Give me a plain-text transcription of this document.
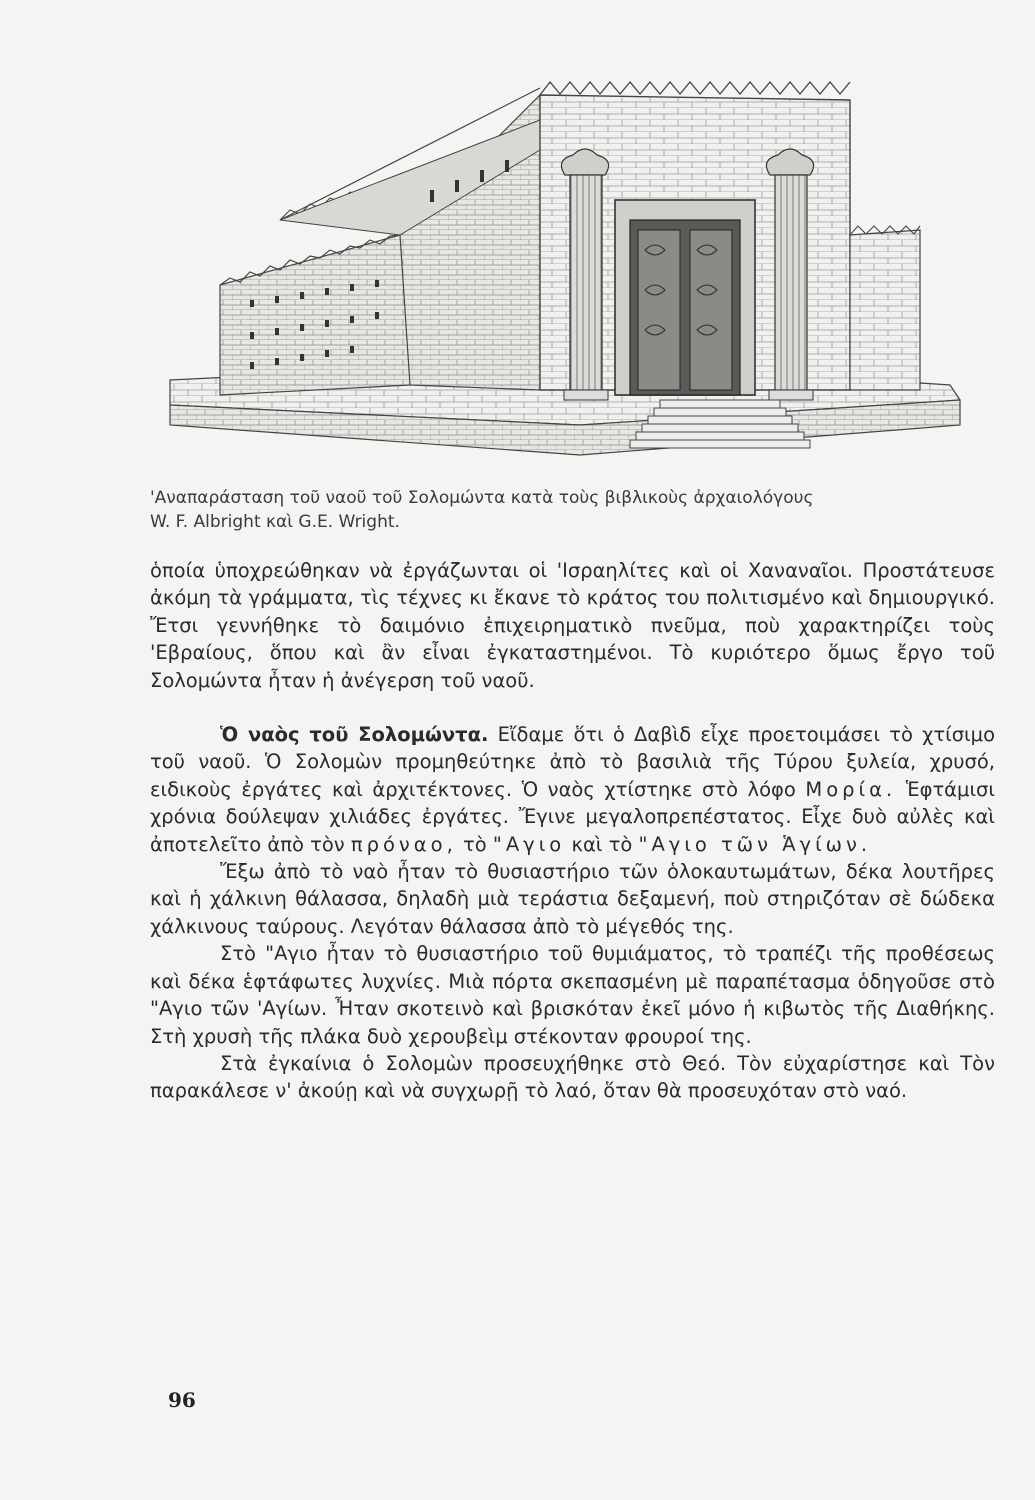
'Αναπαράσταση τοῦ ναοῦ τοῦ Σολομώντα κατὰ τοὺς βιβλικοὺς ἀρχαιολόγους
W. F. Albright καὶ G.E. Wright.

ὁποία ὑποχρεώθηκαν νὰ ἐργάζωνται οἱ 'Ισραηλίτες καὶ οἱ Χαναναῖοι. Προστάτευσε ἀκόμη τὰ γράμματα, τὶς τέχνες κι ἔκανε τὸ κράτος του πολιτισμένο καὶ δημιουργικό. Ἔτσι γεννήθηκε τὸ δαιμόνιο ἐπιχειρηματικὸ πνεῦμα, ποὺ χαρακτηρίζει τοὺς 'Εβραίους, ὅπου καὶ ἂν εἶναι ἐγκαταστημένοι. Τὸ κυριότερο ὅμως ἔργο τοῦ Σολομώντα ἦταν ἡ ἀνέγερση τοῦ ναοῦ.

Ὁ ναὸς τοῦ Σολομώντα. Εἴδαμε ὅτι ὁ Δαβὶδ εἶχε προετοιμάσει τὸ χτίσιμο τοῦ ναοῦ. Ὁ Σολομὼν προμηθεύτηκε ἀπὸ τὸ βασιλιὰ τῆς Τύρου ξυλεία, χρυσό, ειδικοὺς ἐργάτες καὶ ἀρχιτέκτονες. Ὁ ναὸς χτίστηκε στὸ λόφο Μορία. Ἑφτάμισι χρόνια δούλεψαν χιλιάδες ἐργάτες. Ἔγινε μεγαλοπρεπέστατος. Εἶχε δυὸ αὐλὲς καὶ ἀποτελεῖτο ἀπὸ τὸν πρόναο, τὸ "Αγιο καὶ τὸ "Αγιο τῶν Ἁγίων.

Ἔξω ἀπὸ τὸ ναὸ ἦταν τὸ θυσιαστήριο τῶν ὁλοκαυτωμάτων, δέκα λουτῆρες καὶ ἡ χάλκινη θάλασσα, δηλαδὴ μιὰ τεράστια δεξαμενή, ποὺ στηριζόταν σὲ δώδεκα χάλκινους ταύρους. Λεγόταν θάλασσα ἀπὸ τὸ μέγεθός της.

Στὸ "Αγιο ἦταν τὸ θυσιαστήριο τοῦ θυμιάματος, τὸ τραπέζι τῆς προθέσεως καὶ δέκα ἑφτάφωτες λυχνίες. Μιὰ πόρτα σκεπασμένη μὲ παραπέτασμα ὁδηγοῦσε στὸ "Αγιο τῶν 'Αγίων. Ἦταν σκοτεινὸ καὶ βρισκόταν ἐκεῖ μόνο ἡ κιβωτὸς τῆς Διαθήκης. Στὴ χρυσὴ τῆς πλάκα δυὸ χερουβεὶμ στέκονταν φρουροί της.

Στὰ ἐγκαίνια ὁ Σολομὼν προσευχήθηκε στὸ Θεό. Τὸν εὐχαρίστησε καὶ Τὸν παρακάλεσε ν' ἀκούῃ καὶ νὰ συγχωρῇ τὸ λαό, ὅταν θὰ προσευχόταν στὸ ναό.

96
